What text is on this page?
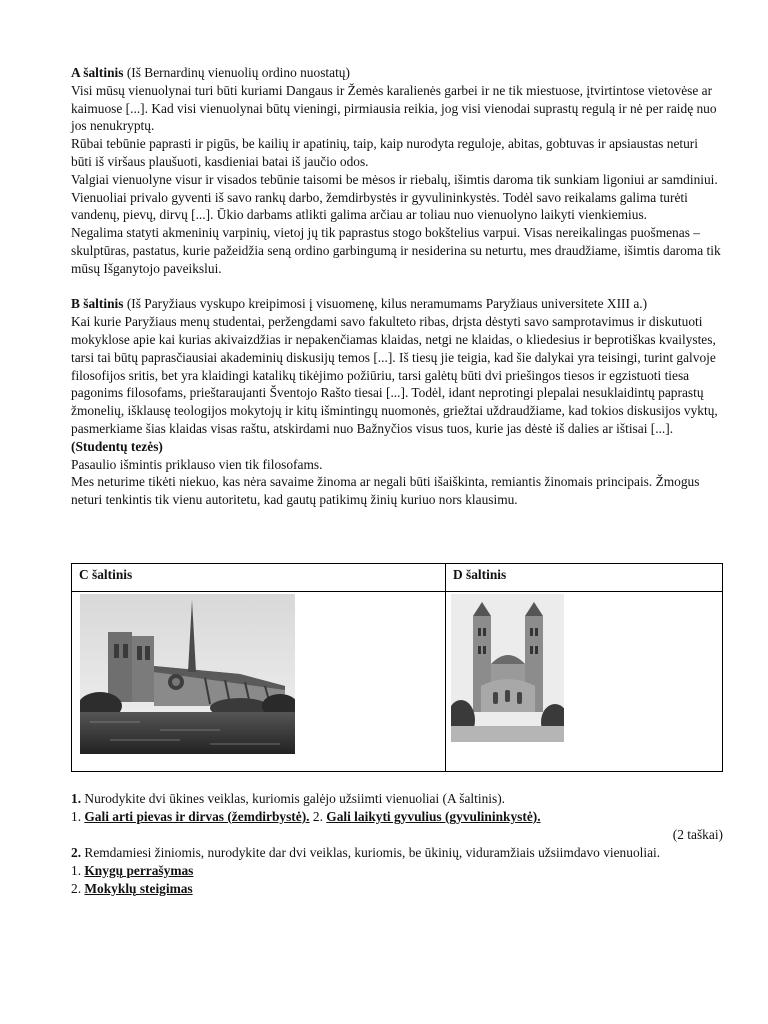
A šaltinis (Iš Bernardinų vienuolių ordino nuostatų)

Visi mūsų vienuolynai turi būti kuriami Dangaus ir Žemės karalienės garbei ir ne tik miestuose, įtvirtintose vietovėse ar kaimuose [...]. Kad visi vienuolynai būtų vieningi, pirmiausia reikia, jog visi vienodai suprastų regulą ir nė per raidę nuo jos nenukryptų.

Rūbai tebūnie paprasti ir pigūs, be kailių ir apatinių, taip, kaip nurodyta reguloje, abitas, gobtuvas ir apsiaustas neturi būti iš viršaus plaušuoti, kasdieniai batai iš jaučio odos.

Valgiai vienuolyne visur ir visados tebūnie taisomi be mėsos ir riebalų, išimtis daroma tik sunkiam ligoniui ar samdiniui.

Vienuoliai privalo gyventi iš savo rankų darbo, žemdirbystės ir gyvulininkystės. Todėl savo reikalams galima turėti vandenų, pievų, dirvų [...]. Ūkio darbams atlikti galima arčiau ar toliau nuo vienuolyno laikyti vienkiemius.

Negalima statyti akmeninių varpinių, vietoj jų tik paprastus stogo bokštelius varpui. Visas nereikalingas puošmenas – skulptūras, pastatus, kurie pažeidžia seną ordino garbingumą ir nesiderina su neturtu, mes draudžiame, išimtis daroma tik mūsų Išganytojo paveikslui.

B šaltinis (Iš Paryžiaus vyskupo kreipimosi į visuomenę, kilus neramumams Paryžiaus universitete XIII a.)

Kai kurie Paryžiaus menų studentai, peržengdami savo fakulteto ribas, drįsta dėstyti savo samprotavimus ir diskutuoti mokyklose apie kai kurias akivaizdžias ir nepakenčiamas klaidas, netgi ne klaidas, o kliedesius ir beprotiškas kvailystes, tarsi tai būtų paprasčiausiai akademinių diskusijų temos [...]. Iš tiesų jie teigia, kad šie dalykai yra teisingi, turint galvoje filosofijos sritis, bet yra klaidingi katalikų tikėjimo požiūriu, tarsi galėtų būti dvi priešingos tiesos ir egzistuoti tiesa pagonims filosofams, prieštaraujanti Šventojo Rašto tiesai [...]. Todėl, idant neprotingi plepalai nesuklaidintų paprastų žmonelių, išklausę teologijos mokytojų ir kitų išmintingų nuomonės, griežtai uždraudžiame, kad tokios diskusijos vyktų, pasmerkiame šias klaidas visas raštu, atskirdami nuo Bažnyčios visus tuos, kurie jas dėstė iš dalies ar ištisai [...].

(Studentų tezės)

Pasaulio išmintis priklauso vien tik filosofams.

Mes neturime tikėti niekuo, kas nėra savaime žinoma ar negali būti išaiškinta, remiantis žinomais principais. Žmogus neturi tenkintis tik vienu autoritetu, kad gautų patikimų žinių kuriuo nors klausimu.

C šaltinis	D šaltinis

1. Nurodykite dvi ūkines veiklas, kuriomis galėjo užsiimti vienuoliai (A šaltinis).

1. Gali arti pievas ir dirvas (žemdirbystė). 2. Gali laikyti gyvulius (gyvulininkystė).

(2 taškai)

2. Remdamiesi žiniomis, nurodykite dar dvi veiklas, kuriomis, be ūkinių, viduramžiais užsiimdavo vienuoliai.

1. Knygų perrašymas

2. Mokyklų steigimas
